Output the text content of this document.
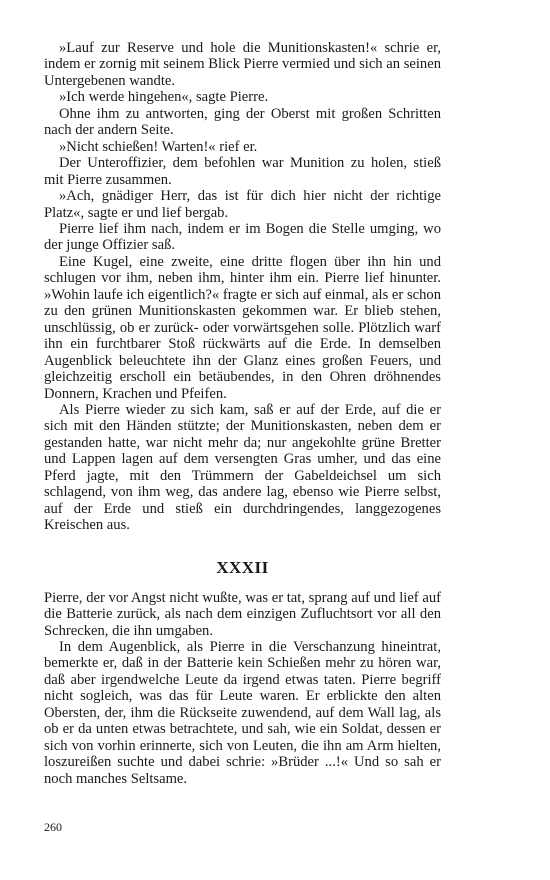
»Lauf zur Reserve und hole die Munitionskasten!« schrie er, indem er zornig mit seinem Blick Pierre vermied und sich an seinen Untergebenen wandte.

»Ich werde hingehen«, sagte Pierre.

Ohne ihm zu antworten, ging der Oberst mit großen Schritten nach der andern Seite.

»Nicht schießen! Warten!« rief er.

Der Unteroffizier, dem befohlen war Munition zu holen, stieß mit Pierre zusammen.

»Ach, gnädiger Herr, das ist für dich hier nicht der richtige Platz«, sagte er und lief bergab.

Pierre lief ihm nach, indem er im Bogen die Stelle umging, wo der junge Offizier saß.

Eine Kugel, eine zweite, eine dritte flogen über ihn hin und schlugen vor ihm, neben ihm, hinter ihm ein. Pierre lief hinunter. »Wohin laufe ich eigentlich?« fragte er sich auf einmal, als er schon zu den grünen Munitionskasten gekommen war. Er blieb stehen, unschlüssig, ob er zurück- oder vorwärtsgehen solle. Plötzlich warf ihn ein furchtbarer Stoß rückwärts auf die Erde. In demselben Augenblick beleuchtete ihn der Glanz eines großen Feuers, und gleichzeitig erscholl ein betäubendes, in den Ohren dröhnendes Donnern, Krachen und Pfeifen.

Als Pierre wieder zu sich kam, saß er auf der Erde, auf die er sich mit den Händen stützte; der Munitionskasten, neben dem er gestanden hatte, war nicht mehr da; nur angekohlte grüne Bretter und Lappen lagen auf dem versengten Gras umher, und das eine Pferd jagte, mit den Trümmern der Gabeldeichsel um sich schlagend, von ihm weg, das andere lag, ebenso wie Pierre selbst, auf der Erde und stieß ein durchdringendes, langgezogenes Kreischen aus.

XXXII

Pierre, der vor Angst nicht wußte, was er tat, sprang auf und lief auf die Batterie zurück, als nach dem einzigen Zufluchtsort vor all den Schrecken, die ihn umgaben.

In dem Augenblick, als Pierre in die Verschanzung hineintrat, bemerkte er, daß in der Batterie kein Schießen mehr zu hören war, daß aber irgendwelche Leute da irgend etwas taten. Pierre begriff nicht sogleich, was das für Leute waren. Er erblickte den alten Obersten, der, ihm die Rückseite zuwendend, auf dem Wall lag, als ob er da unten etwas betrachtete, und sah, wie ein Soldat, dessen er sich von vorhin erinnerte, sich von Leuten, die ihn am Arm hielten, loszureißen suchte und dabei schrie: »Brüder ...!« Und so sah er noch manches Seltsame.

260
